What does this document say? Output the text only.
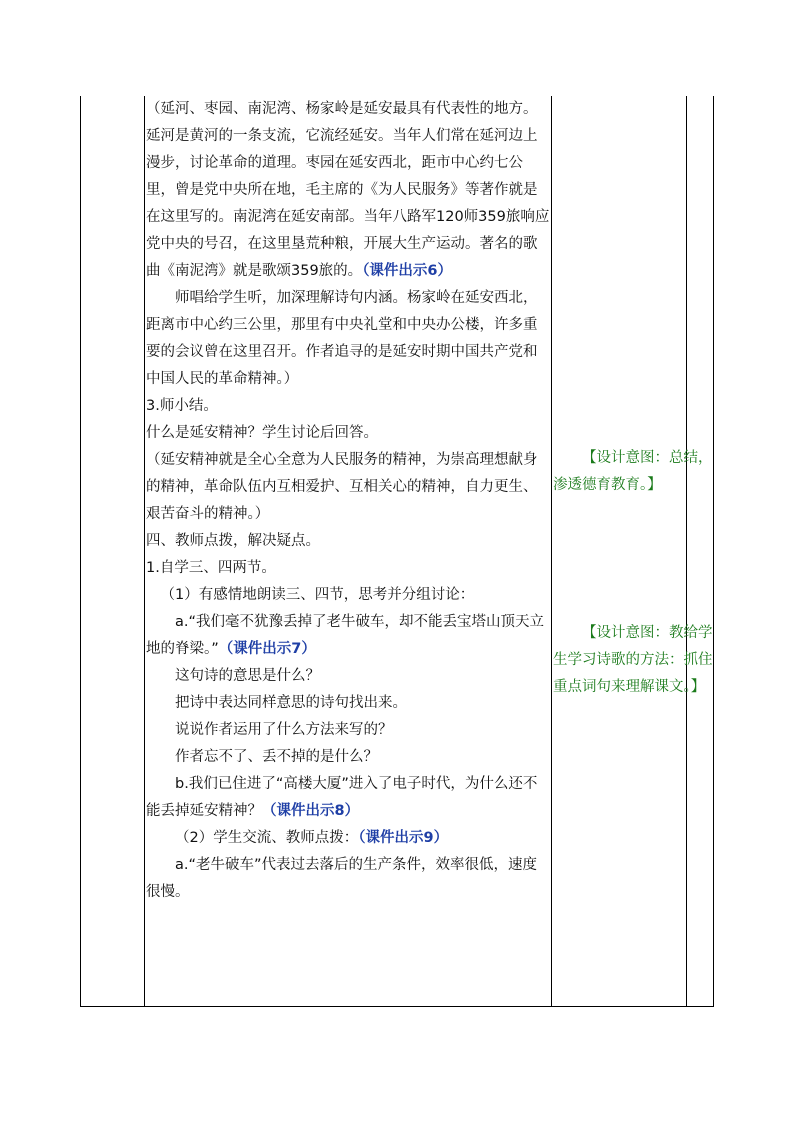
（延河、枣园、南泥湾、杨家岭是延安最具有代表性的地方。延河是黄河的一条支流，它流经延安。当年人们常在延河边上漫步，讨论革命的道理。枣园在延安西北，距市中心约七公里，曾是党中央所在地，毛主席的《为人民服务》等著作就是在这里写的。南泥湾在延安南部。当年八路军120师359旅响应党中央的号召，在这里垦荒种粮，开展大生产运动。著名的歌曲《南泥湾》就是歌颂359旅的。（课件出示6）

师唱给学生听，加深理解诗句内涵。杨家岭在延安西北，距离市中心约三公里，那里有中央礼堂和中央办公楼，许多重要的会议曾在这里召开。作者追寻的是延安时期中国共产党和中国人民的革命精神。）

3.师小结。

什么是延安精神？学生讨论后回答。

（延安精神就是全心全意为人民服务的精神，为崇高理想献身的精神，革命队伍内互相爱护、互相关心的精神，自力更生、艰苦奋斗的精神。）

四、教师点拨，解决疑点。

1.自学三、四两节。

（1）有感情地朗读三、四节，思考并分组讨论：

a.“我们毫不犹豫丢掉了老牛破车，却不能丢宝塔山顶天立地的脊梁。”（课件出示7）

这句诗的意思是什么？

把诗中表达同样意思的诗句找出来。

说说作者运用了什么方法来写的？

作者忘不了、丢不掉的是什么？

b.我们已住进了“高楼大厦”进入了电子时代，为什么还不能丢掉延安精神？（课件出示8）

（2）学生交流、教师点拨：（课件出示9）

a.“老牛破车”代表过去落后的生产条件，效率很低，速度很慢。

【设计意图：总结，渗透德育教育。】
【设计意图：教给学生学习诗歌的方法：抓住重点词句来理解课文。】
